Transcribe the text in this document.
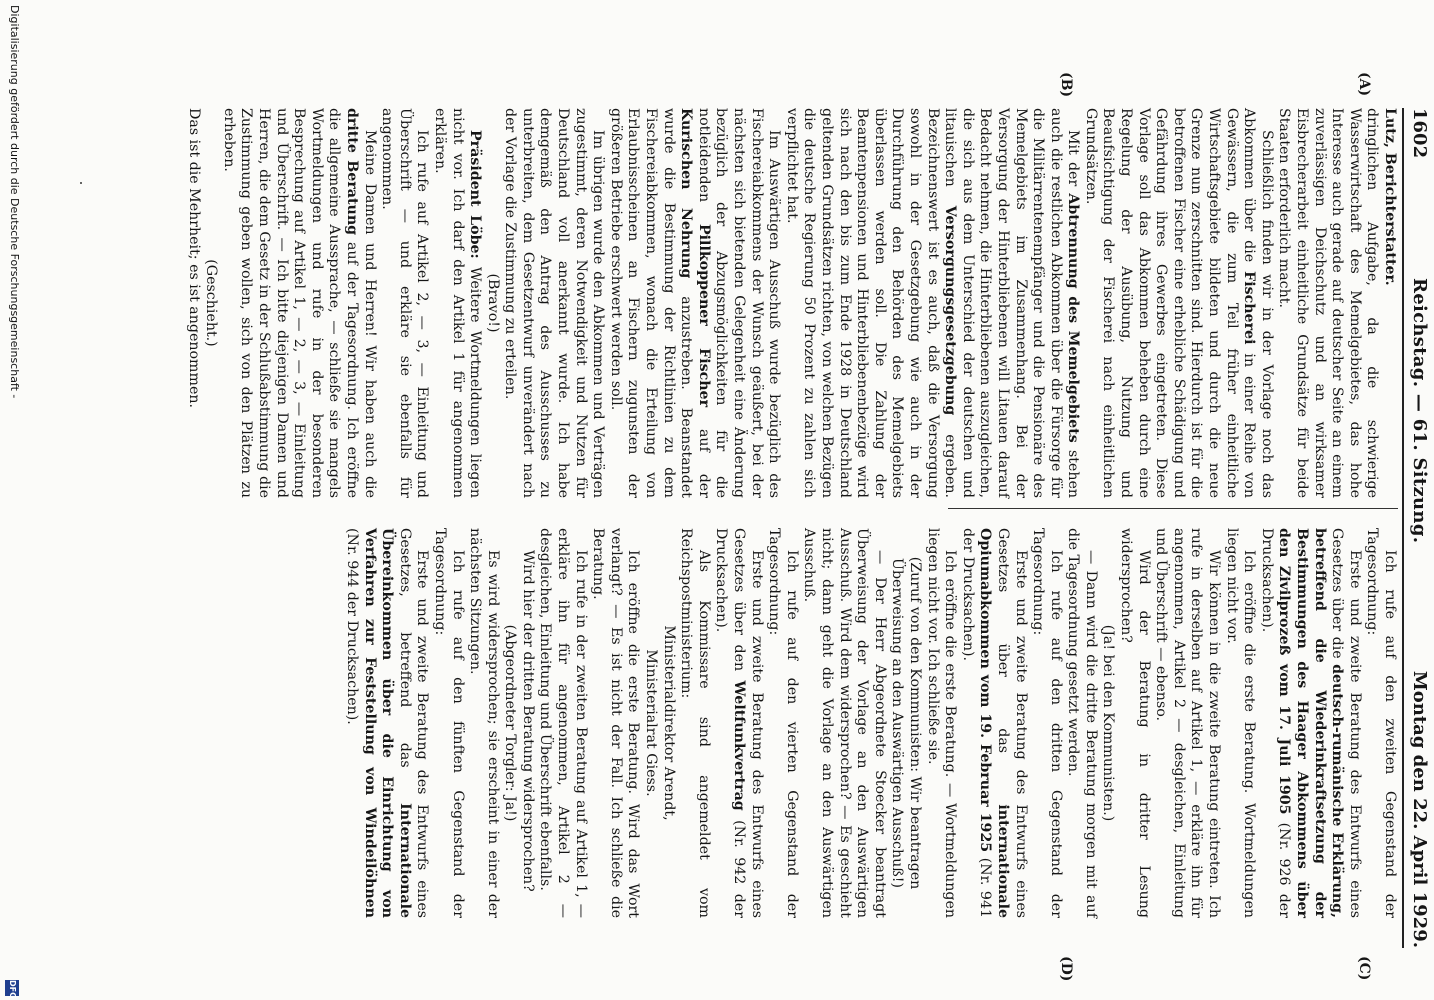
1602
Reichstag. — 61. Sitzung.
Montag den 22. April 1929.
(A)
(B)
(C)
(D)

Lutz, Berichterstatter.

dringlichen Aufgabe, da die schwierige Wasserwirtschaft des Memelgebietes, das hohe Interesse auch gerade auf deutscher Seite an einem zuverlässigen Deichschutz und an wirksamer Eisbrecherarbeit einheitliche Grundsätze für beide Staaten erforderlich macht.

Schließlich finden wir in der Vorlage noch das Abkommen über die Fischerei in einer Reihe von Gewässern, die zum Teil früher einheitliche Wirtschaftsgebiete bildeten und durch die neue Grenze nun zerschnitten sind. Hierdurch ist für die betroffenen Fischer eine erhebliche Schädigung und Gefährdung ihres Gewerbes eingetreten. Diese Vorlage soll das Abkommen beheben durch eine Regelung der Ausübung, Nutzung und Beaufsichtigung der Fischerei nach einheitlichen Grundsätzen.

Mit der Abtrennung des Memelgebiets stehen auch die restlichen Abkommen über die Fürsorge für die Militärrentenempfänger und die Pensionäre des Memelgebiets im Zusammenhang. Bei der Versorgung der Hinterbliebenen will Litauen darauf Bedacht nehmen, die Hinterbliebenen auszugleichen, die sich aus dem Unterschied der deutschen und litauischen Versorgungsgesetzgebung ergeben. Bezeichnenswert ist es auch, daß die Versorgung sowohl in der Gesetzgebung wie auch in der Durchführung den Behörden des Memelgebiets überlassen werden soll. Die Zahlung der Beamtenpensionen und Hinterbliebenenbezüge wird sich nach den bis zum Ende 1928 in Deutschland geltenden Grundsätzen richten, von welchen Bezügen die deutsche Regierung 50 Prozent zu zahlen sich verpflichtet hat.

Im Auswärtigen Ausschuß wurde bezüglich des Fischereiabkommens der Wunsch geäußert, bei der nächsten sich bietenden Gelegenheit eine Änderung bezüglich der Abzugsmöglichkeiten für die notleidenden Pillkoppener Fischer auf der Kurischen Nehrung anzustreben. Beanstandet wurde die Bestimmung der Richtlinien zu dem Fischereiabkommen, wonach die Erteilung von Erlaubnisscheinen an Fischern zugunsten der größeren Betriebe erschwert werden soll.

Im übrigen wurde den Abkommen und Verträgen zugestimmt, deren Notwendigkeit und Nutzen für Deutschland voll anerkannt wurde. Ich habe demgemäß den Antrag des Ausschusses zu unterbreiten, dem Gesetzentwurf unverändert nach der Vorlage die Zustimmung zu erteilen.

(Bravo!)

Präsident Löbe: Weitere Wortmeldungen liegen nicht vor. Ich darf den Artikel 1 für angenommen erklären.

Ich rufe auf Artikel 2, — 3, — Einleitung und Überschrift — und erkläre sie ebenfalls für angenommen.

Meine Damen und Herren! Wir haben auch die dritte Beratung auf der Tagesordnung. Ich eröffne die allgemeine Aussprache, — schließe sie mangels Wortmeldungen und rufe in der besonderen Besprechung auf Artikel 1, — 2, — 3, — Einleitung und Überschrift. — Ich bitte diejenigen Damen und Herren, die dem Gesetz in der Schlußabstimmung die Zustimmung geben wollen, sich von den Plätzen zu erheben.

(Geschieht.)

Das ist die Mehrheit; es ist angenommen.

Ich rufe auf den zweiten Gegenstand der Tagesordnung:

Erste und zweite Beratung des Entwurfs eines Gesetzes über die deutsch-rumänische Erklärung, betreffend die Wiederinkraftsetzung der Bestimmungen des Haager Abkommens über den Zivilprozeß vom 17. Juli 1905 (Nr. 926 der Drucksachen).

Ich eröffne die erste Beratung. Wortmeldungen liegen nicht vor.

Wir können in die zweite Beratung eintreten. Ich rufe in derselben auf Artikel 1, — erkläre ihn für angenommen, Artikel 2 — desgleichen, Einleitung und Überschrift — ebenso.

Wird der Beratung in dritter Lesung widersprochen?

(Ja! bei den Kommunisten.)

— Dann wird die dritte Beratung morgen mit auf die Tagesordnung gesetzt werden.

Ich rufe auf den dritten Gegenstand der Tagesordnung:

Erste und zweite Beratung des Entwurfs eines Gesetzes über das internationale Opiumabkommen vom 19. Februar 1925 (Nr. 941 der Drucksachen).

Ich eröffne die erste Beratung. — Wortmeldungen liegen nicht vor. Ich schließe sie.

(Zuruf von den Kommunisten: Wir beantragen Überweisung an den Auswärtigen Ausschuß!)

— Der Herr Abgeordnete Stoecker beantragt Überweisung der Vorlage an den Auswärtigen Ausschuß. Wird dem widersprochen? — Es geschieht nicht; dann geht die Vorlage an den Auswärtigen Ausschuß.

Ich rufe auf den vierten Gegenstand der Tagesordnung:

Erste und zweite Beratung des Entwurfs eines Gesetzes über den Weltfunkvertrag (Nr. 942 der Drucksachen).

Als Kommissare sind angemeldet vom Reichspostministerium:

Ministerialdirektor Arendt,

Ministerialrat Giess.

Ich eröffne die erste Beratung. Wird das Wort verlangt? — Es ist nicht der Fall. Ich schließe die Beratung.

Ich rufe in der zweiten Beratung auf Artikel 1, — erkläre ihn für angenommen, Artikel 2 — desgleichen, Einleitung und Überschrift ebenfalls.

Wird hier der dritten Beratung widersprochen?

(Abgeordneter Torgler: Ja!)

Es wird widersprochen; sie erscheint in einer der nächsten Sitzungen.

Ich rufe auf den fünften Gegenstand der Tagesordnung:

Erste und zweite Beratung des Entwurfs eines Gesetzes, betreffend das Internationale Übereinkommen über die Einrichtung von Verfahren zur Feststellung von Windeilöhnen (Nr. 944 der Drucksachen).

Digitalisierung gefördert durch die Deutsche Forschungsgemeinschaft -
DFG
